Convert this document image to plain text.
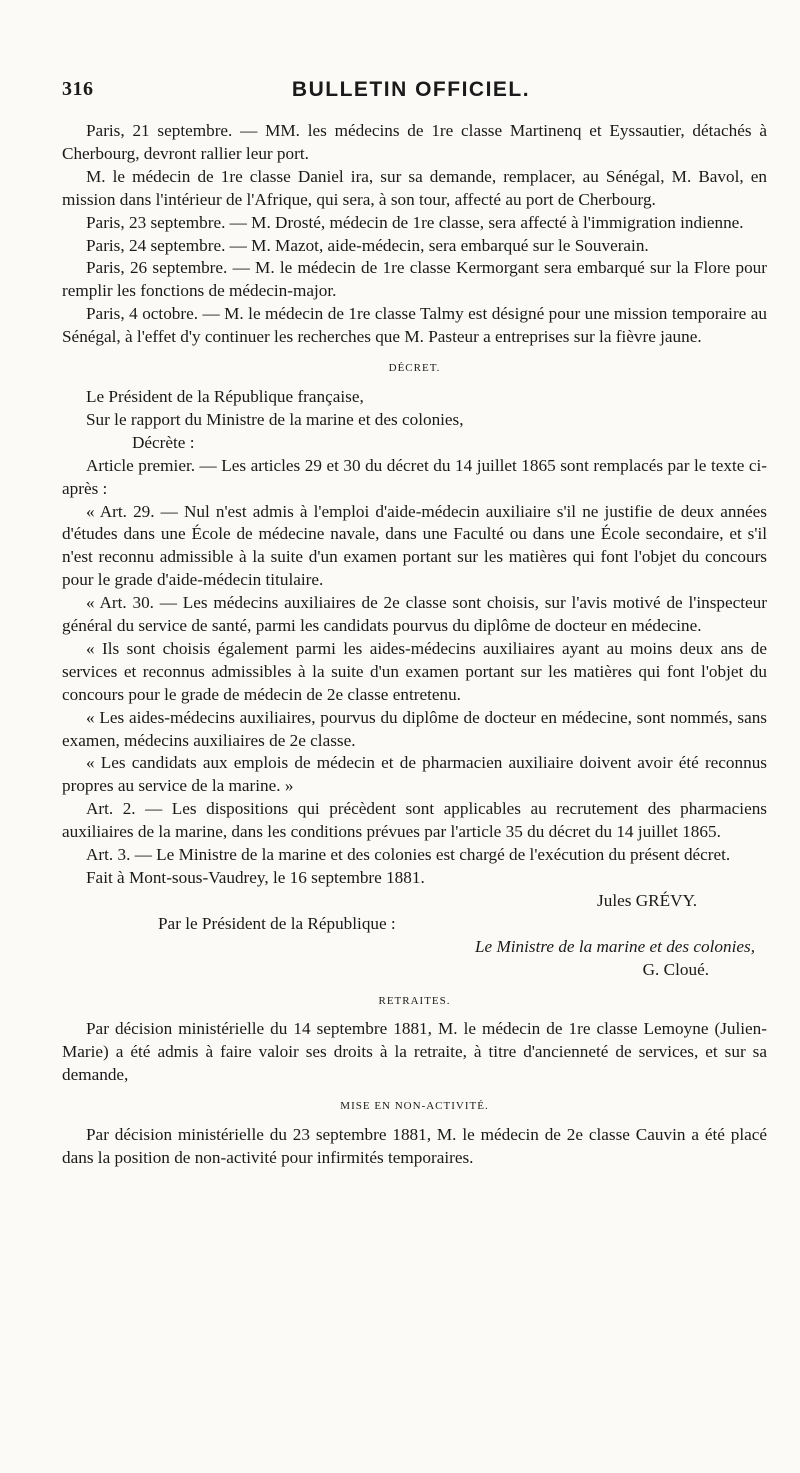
316	BULLETIN OFFICIEL.

Paris, 21 septembre. — MM. les médecins de 1re classe Martinenq et Eyssautier, détachés à Cherbourg, devront rallier leur port.

M. le médecin de 1re classe Daniel ira, sur sa demande, remplacer, au Sénégal, M. Bavol, en mission dans l'intérieur de l'Afrique, qui sera, à son tour, affecté au port de Cherbourg.

Paris, 23 septembre. — M. Drosté, médecin de 1re classe, sera affecté à l'immigration indienne.

Paris, 24 septembre. — M. Mazot, aide-médecin, sera embarqué sur le Souverain.

Paris, 26 septembre. — M. le médecin de 1re classe Kermorgant sera embarqué sur la Flore pour remplir les fonctions de médecin-major.

Paris, 4 octobre. — M. le médecin de 1re classe Talmy est désigné pour une mission temporaire au Sénégal, à l'effet d'y continuer les recherches que M. Pasteur a entreprises sur la fièvre jaune.

DÉCRET.

Le Président de la République française,

Sur le rapport du Ministre de la marine et des colonies,

Décrète :

Article premier. — Les articles 29 et 30 du décret du 14 juillet 1865 sont remplacés par le texte ci-après :

« Art. 29. — Nul n'est admis à l'emploi d'aide-médecin auxiliaire s'il ne justifie de deux années d'études dans une École de médecine navale, dans une Faculté ou dans une École secondaire, et s'il n'est reconnu admissible à la suite d'un examen portant sur les matières qui font l'objet du concours pour le grade d'aide-médecin titulaire.

« Art. 30. — Les médecins auxiliaires de 2e classe sont choisis, sur l'avis motivé de l'inspecteur général du service de santé, parmi les candidats pourvus du diplôme de docteur en médecine.

« Ils sont choisis également parmi les aides-médecins auxiliaires ayant au moins deux ans de services et reconnus admissibles à la suite d'un examen portant sur les matières qui font l'objet du concours pour le grade de médecin de 2e classe entretenu.

« Les aides-médecins auxiliaires, pourvus du diplôme de docteur en médecine, sont nommés, sans examen, médecins auxiliaires de 2e classe.

« Les candidats aux emplois de médecin et de pharmacien auxiliaire doivent avoir été reconnus propres au service de la marine. »

Art. 2. — Les dispositions qui précèdent sont applicables au recrutement des pharmaciens auxiliaires de la marine, dans les conditions prévues par l'article 35 du décret du 14 juillet 1865.

Art. 3. — Le Ministre de la marine et des colonies est chargé de l'exécution du présent décret.

Fait à Mont-sous-Vaudrey, le 16 septembre 1881.

Jules GRÉVY.

Par le Président de la République :

Le Ministre de la marine et des colonies,

G. Cloué.

RETRAITES.

Par décision ministérielle du 14 septembre 1881, M. le médecin de 1re classe Lemoyne (Julien-Marie) a été admis à faire valoir ses droits à la retraite, à titre d'ancienneté de services, et sur sa demande,

MISE EN NON-ACTIVITÉ.

Par décision ministérielle du 23 septembre 1881, M. le médecin de 2e classe Cauvin a été placé dans la position de non-activité pour infirmités temporaires.
